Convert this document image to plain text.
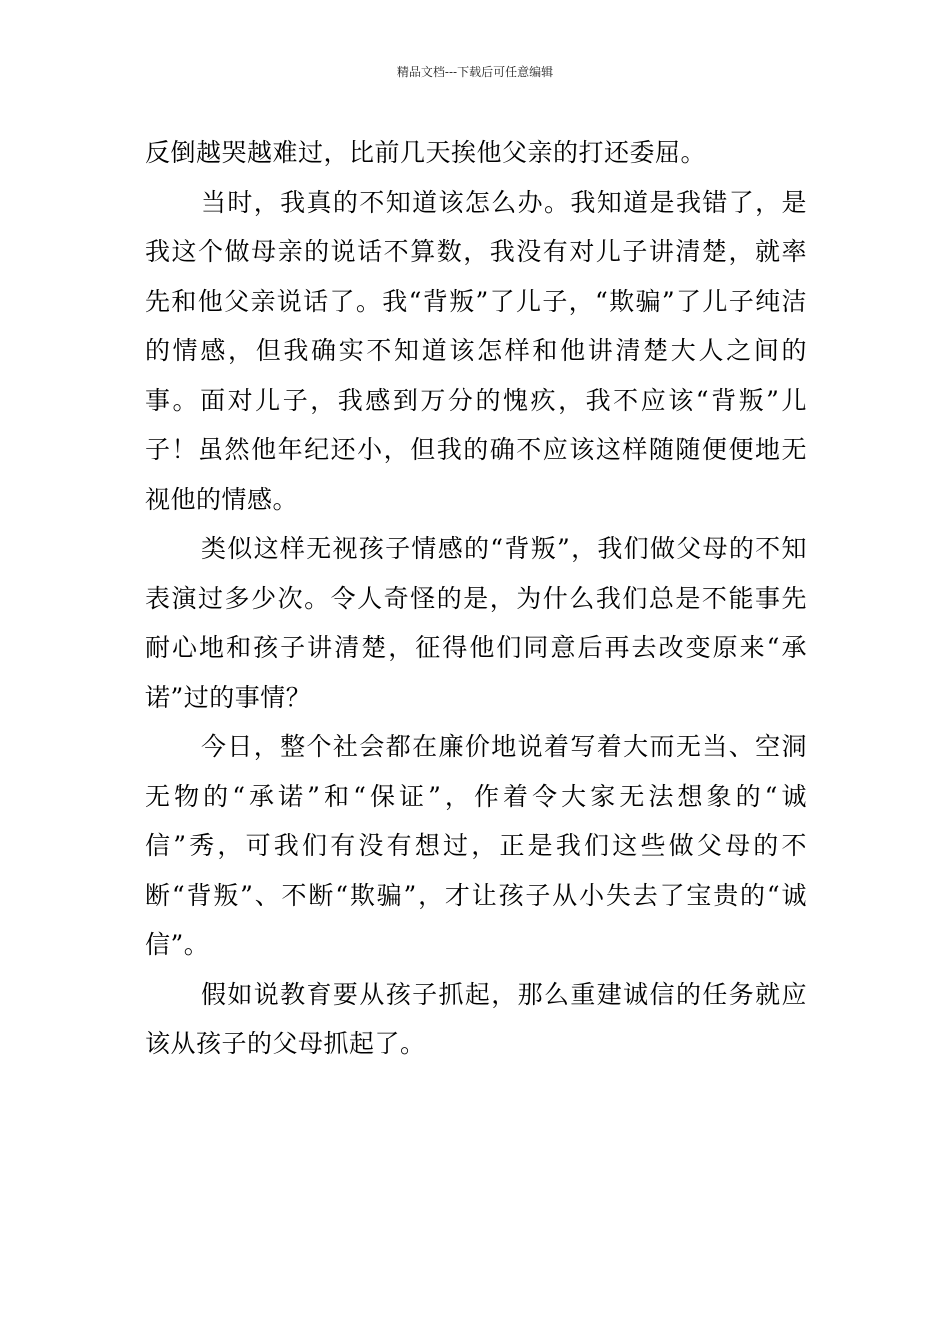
精品文档---下载后可任意编辑

反倒越哭越难过，比前几天挨他父亲的打还委屈。

当时，我真的不知道该怎么办。我知道是我错了，是我这个做母亲的说话不算数，我没有对儿子讲清楚，就率先和他父亲说话了。我“背叛”了儿子，“欺骗”了儿子纯洁的情感，但我确实不知道该怎样和他讲清楚大人之间的事。面对儿子，我感到万分的愧疚，我不应该“背叛”儿子！虽然他年纪还小，但我的确不应该这样随随便便地无视他的情感。

类似这样无视孩子情感的“背叛”，我们做父母的不知表演过多少次。令人奇怪的是，为什么我们总是不能事先耐心地和孩子讲清楚，征得他们同意后再去改变原来“承诺”过的事情？

今日，整个社会都在廉价地说着写着大而无当、空洞无物的“承诺”和“保证”，作着令大家无法想象的“诚信”秀，可我们有没有想过，正是我们这些做父母的不断“背叛”、不断“欺骗”，才让孩子从小失去了宝贵的“诚信”。

假如说教育要从孩子抓起，那么重建诚信的任务就应该从孩子的父母抓起了。
